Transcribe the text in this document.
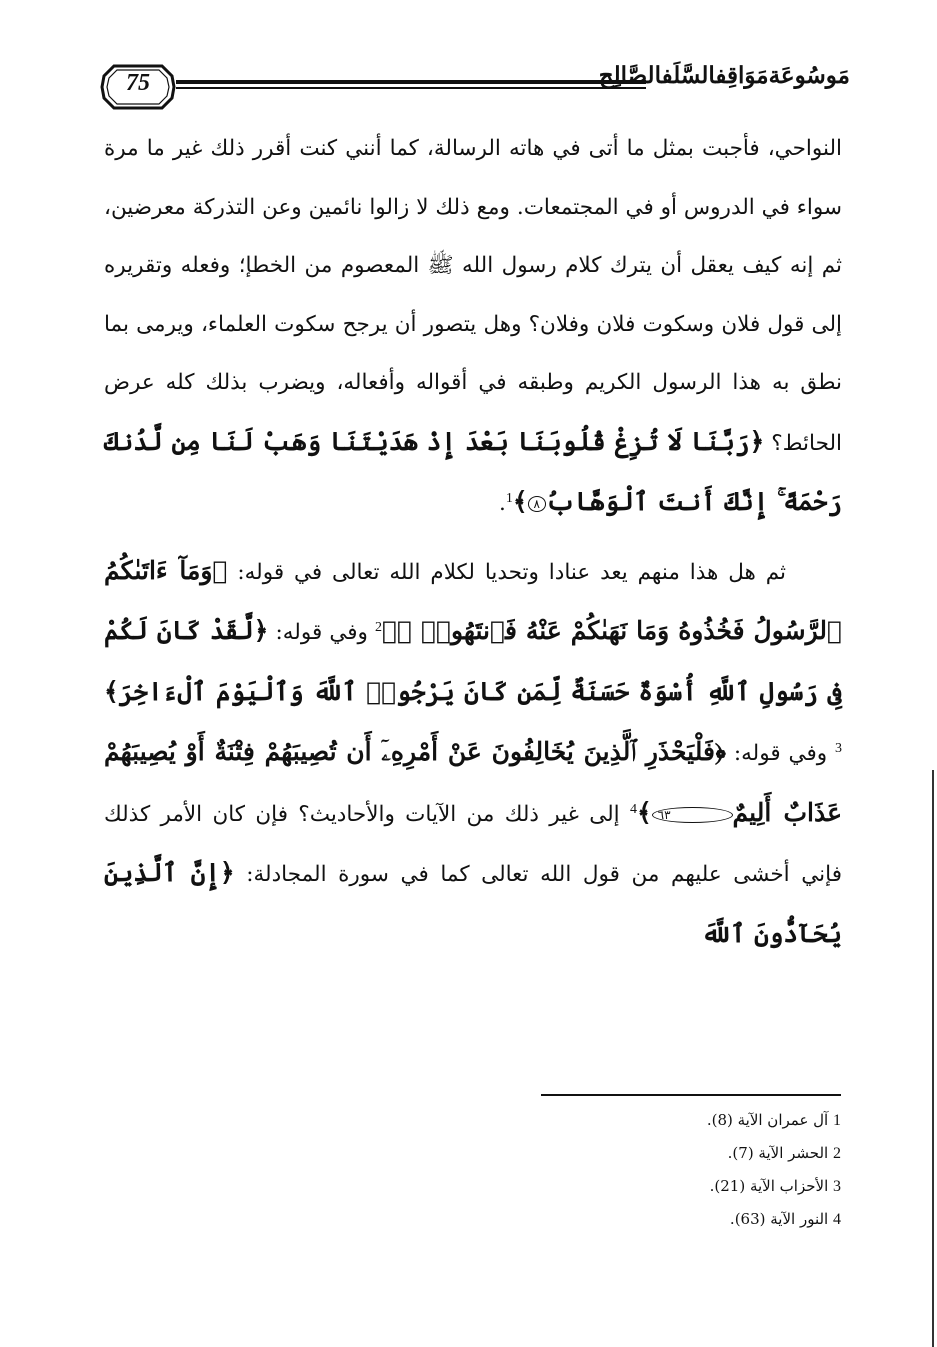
75	مَوسُوعَةمَوَاقِفالسَّلَفالصَّالِح

النواحي، فأجبت بمثل ما أتى في هاته الرسالة، كما أنني كنت أقرر ذلك غير ما مرة سواء في الدروس أو في المجتمعات. ومع ذلك لا زالوا نائمين وعن التذركة معرضين، ثم إنه كيف يعقل أن يترك كلام رسول الله ﷺ المعصوم من الخطإ؛ وفعله وتقريره إلى قول فلان وسكوت فلان وفلان؟ وهل يتصور أن يرجح سكوت العلماء، ويرمى بما نطق به هذا الرسول الكريم وطبقه في أقواله وأفعاله، ويضرب بذلك كله عرض الحائط؟ ﴿رَبَّنَا لَا تُزِغْ قُلُوبَنَا بَعْدَ إِذْ هَدَيْتَنَا وَهَبْ لَنَا مِن لَّدُنكَ رَحْمَةً ۚ إِنَّكَ أَنتَ ٱلْوَهَّابُ٨﴾$^1$.

ثم هل هذا منهم يعد عنادا وتحديا لكلام الله تعالى في قوله: ﴿وَمَآ ءَاتَىٰكُمُ ٱلرَّسُولُ فَخُذُوهُ وَمَا نَهَىٰكُمْ عَنْهُ فَٱنتَهُوا۟ ۚ﴾$^2$ وفي قوله: ﴿لَّقَدْ كَانَ لَكُمْ فِى رَسُولِ ٱللَّهِ أُسْوَةٌ حَسَنَةٌ لِّمَن كَانَ يَرْجُوا۟ ٱللَّهَ وَٱلْيَوْمَ ٱلْءَاخِرَ﴾$^3$ وفي قوله: ﴿فَلْيَحْذَرِ ٱلَّذِينَ يُخَالِفُونَ عَنْ أَمْرِهِۦٓ أَن تُصِيبَهُمْ فِتْنَةٌ أَوْ يُصِيبَهُمْ عَذَابٌ أَلِيمٌ٦٣﴾$^4$ إلى غير ذلك من الآيات والأحاديث؟ فإن كان الأمر كذلك فإني أخشى عليهم من قول الله تعالى كما في سورة المجادلة: ﴿إِنَّ ٱلَّذِينَ يُحَآدُّونَ ٱللَّهَ

1 آل عمران الآية (8).
2 الحشر الآية (7).
3 الأحزاب الآية (21).
4 النور الآية (63).
